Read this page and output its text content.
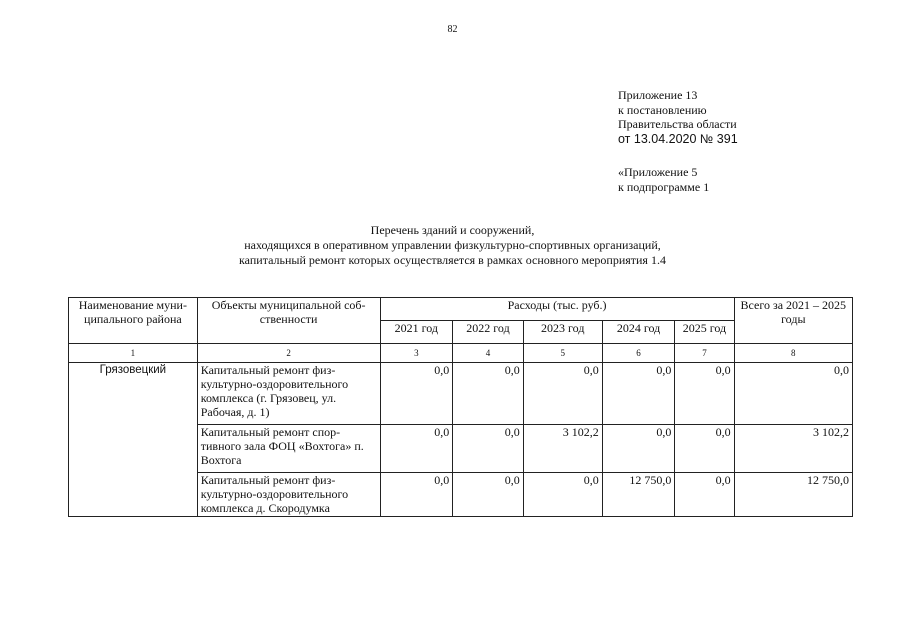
82
Приложение 13
к постановлению
Правительства области
от 13.04.2020 № 391
«Приложение 5
к подпрограмме 1
Перечень зданий и сооружений,
находящихся в оперативном управлении физкультурно-спортивных организаций,
капитальный ремонт которых осуществляется в рамках основного мероприятия 1.4
Наименование муни-ципального района	Объекты муниципальной соб-ственности	Расходы (тыс. руб.)					Всего за 2021 – 2025 годы
		2021 год	2022 год	2023 год	2024 год	2025 год	
1	2	3	4	5	6	7	8
Грязовецкий	Капитальный ремонт физ-культурно-оздоровительного комплекса (г. Грязовец, ул. Рабочая, д. 1)	0,0	0,0	0,0	0,0	0,0	0,0
	Капитальный ремонт спор-тивного зала ФОЦ «Вохтога» п. Вохтога	0,0	0,0	3 102,2	0,0	0,0	3 102,2
	Капитальный ремонт физ-культурно-оздоровительного комплекса д. Скородумка	0,0	0,0	0,0	12 750,0	0,0	12 750,0
